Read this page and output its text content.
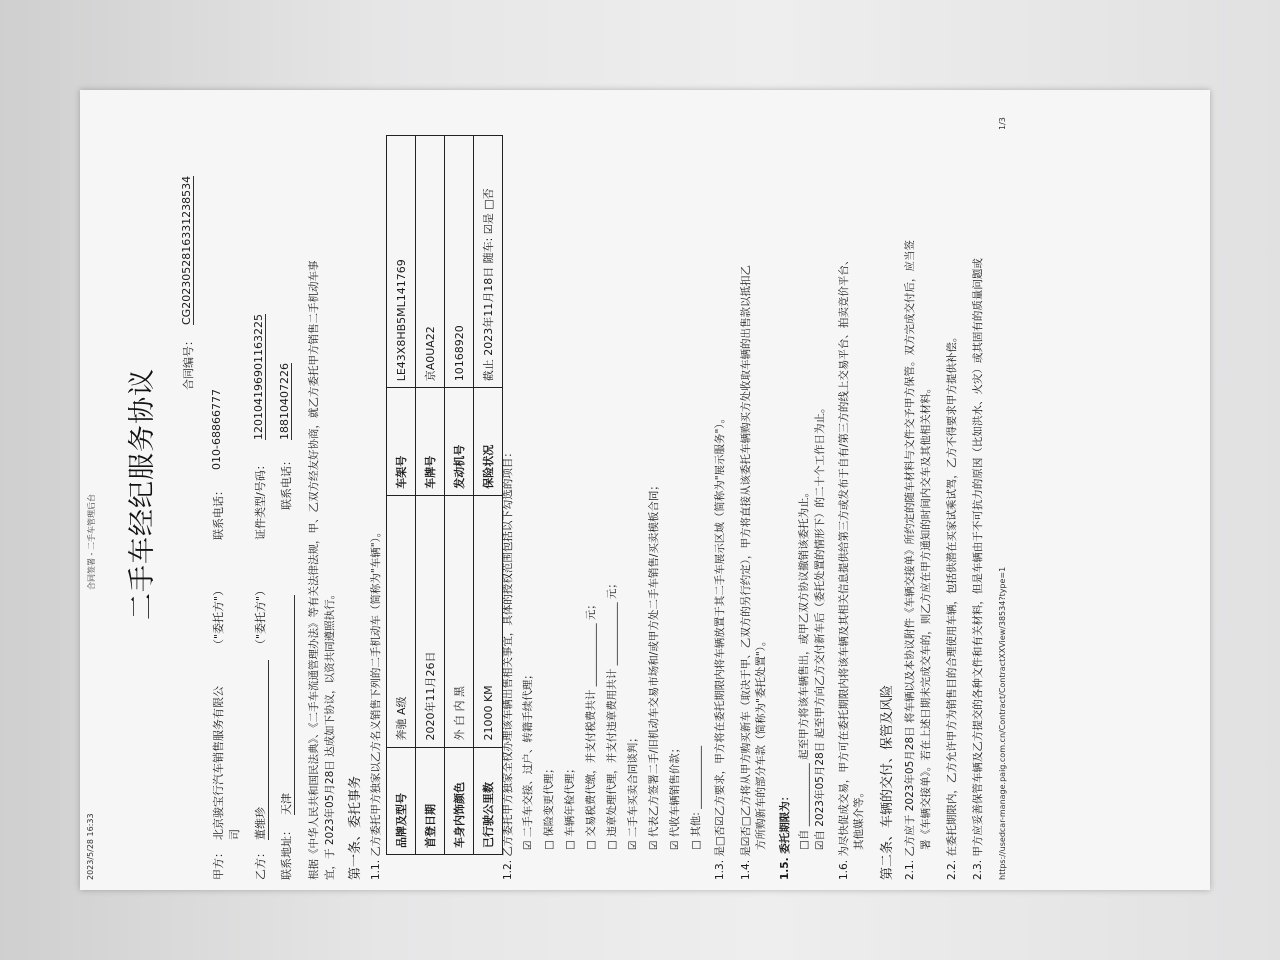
2023/5/28 16:33
合同签署 - 二手车管理后台 二手车经纪服务协议
合同编号：
CG202305281633123853​4
甲方：
北京骏宝行汽车销售服务有限公 司
（"委托方"）
联系电话：
010-68866777
乙方：
董维珍
（"委托方"）
证件类型/号码：
120104196901163225
联系地址：
天津
联系电话：
18810407226 根据《中华人民共和国民法典》、《二手车流通管理办法》等有关法律法规，甲、乙双方经友好协商，就乙方委托甲方销售二手机动车事 宜，于 2023年05月28日 达成如下协议，以资共同遵照执行。 第一条、委托事务 1.1. 乙方委托甲方独家以乙方名义销售下列的二手机动车（简称为"车辆"）。 品牌及型号	奔驰 A级	车架号	LE43X8HB5ML141769
首登日期	2020年11月26日	车牌号	京A0UA22
车身内饰颜色	外 白 内 黑	发动机号	10168920
已行驶公里数	21000 KM	保险状况	截止 2023年11月18日 随车: ☑是 □否
1.2. 乙方委托甲方独家全权办理该车辆出售相关事宜，具体的授权范围包括以下勾选的项目： ☑ 二手车交接、过户、转籍手续代理； □ 保险变更代理； □ 车辆年检代理； □ 交易税费代缴，并支付税费共计 ____________ 元； □ 违章处理代理，并支付违章费用共计 ____________ 元； ☑ 二手车买卖合同谈判； ☑ 代表乙方签署二手/旧机动车交易市场和/或甲方处二手车销售/买卖模板合同； ☑ 代收车辆销售价款； □ 其他: ____________ 1.3. 是□否☑乙方要求，甲方将在委托期限内将车辆放置于其二手车展示区域（简称为"展示服务"）。 1.4. 是☑否□乙方将从甲方购买新车（取决于甲、乙双方的另行约定），甲方将直接从该委托车辆购买方处收取车辆的出售款以抵扣乙 方所购新车的部分车款（简称为"委托处置"）。 1.5. 委托期限为： □自 ____________ 起至甲方将该车辆售出，或甲乙双方协议撤销该委托为止。 ☑自 2023年05月28日 起至甲方向乙方交付新车后（委托处置的情形下）的二十个工作日为止。 1.6. 为尽快促成交易，甲方可在委托期限内将该车辆及其相关信息提供给第三方或发布于自有/第三方的线上交易平台、拍卖竞价平台、 其他媒介等。	第二条、车辆的交付、保管及风险 2.1. 乙方应于 2023年05月28日 将车辆以及本协议附件《车辆交接单》所约定的随车材料与文件交予甲方保管。双方完成交付后，应当签 署《车辆交接单》。若在上述日期未完成交车的，则乙方应在甲方通知的时间内交车及其他相关材料。 2.2. 在委托期限内，乙方允许甲方为销售目的合理使用车辆，包括供潜在买家试乘试驾，乙方不得要求甲方提供补偿。 2.3. 甲方应妥善保管车辆及乙方提交的各种文件和有关材料，但是车辆由于不可抗力的原因（比如洪水、火灾）或其固有的质量问题或 https://usedcar-manage.paig.com.cn/Contract/ContractXXView/38534?type=1
1/3
